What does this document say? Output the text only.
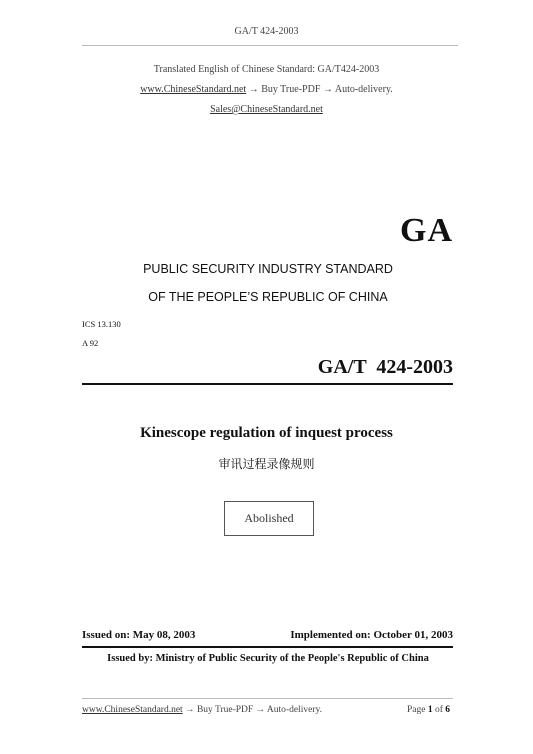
GA/T 424-2003
Translated English of Chinese Standard: GA/T424-2003
www.ChineseStandard.net → Buy True-PDF → Auto-delivery.
Sales@ChineseStandard.net
GA
PUBLIC SECURITY INDUSTRY STANDARD
OF THE PEOPLE’S REPUBLIC OF CHINA
ICS 13.130
A 92
GA/T  424-2003
Kinescope regulation of inquest process
审讯过程录像规则
Abolished
Issued on: May 08, 2003	Implemented on: October 01, 2003
Issued by: Ministry of Public Security of the People's Republic of China
www.ChineseStandard.net → Buy True-PDF → Auto-delivery.	Page 1 of 6
